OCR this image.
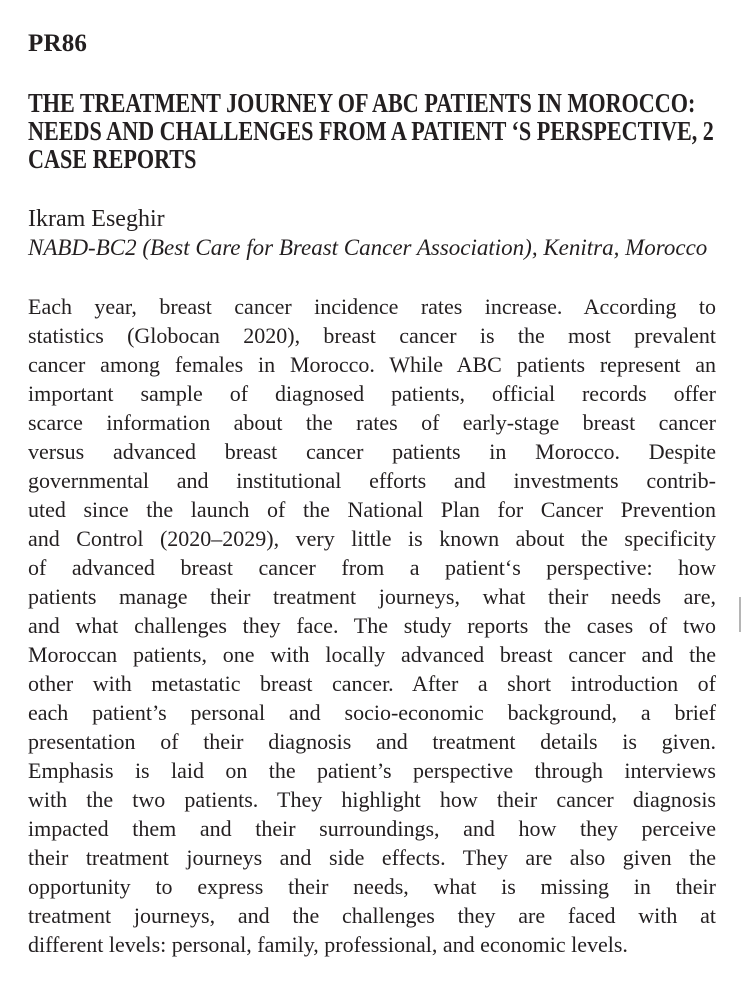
PR86
THE TREATMENT JOURNEY OF ABC PATIENTS IN MOROCCO:
NEEDS AND CHALLENGES FROM A PATIENT ‘S PERSPECTIVE, 2
CASE REPORTS
Ikram Eseghir
NABD-BC2 (Best Care for Breast Cancer Association), Kenitra, Morocco
Each year, breast cancer incidence rates increase. According to
statistics (Globocan 2020), breast cancer is the most prevalent
cancer among females in Morocco. While ABC patients represent an
important sample of diagnosed patients, official records offer
scarce information about the rates of early-stage breast cancer
versus advanced breast cancer patients in Morocco. Despite
governmental and institutional efforts and investments contrib-
uted since the launch of the National Plan for Cancer Prevention
and Control (2020–2029), very little is known about the specificity
of advanced breast cancer from a patient‘s perspective: how
patients manage their treatment journeys, what their needs are,
and what challenges they face. The study reports the cases of two
Moroccan patients, one with locally advanced breast cancer and the
other with metastatic breast cancer. After a short introduction of
each patient’s personal and socio-economic background, a brief
presentation of their diagnosis and treatment details is given.
Emphasis is laid on the patient’s perspective through interviews
with the two patients. They highlight how their cancer diagnosis
impacted them and their surroundings, and how they perceive
their treatment journeys and side effects. They are also given the
opportunity to express their needs, what is missing in their
treatment journeys, and the challenges they are faced with at
different levels: personal, family, professional, and economic levels.
